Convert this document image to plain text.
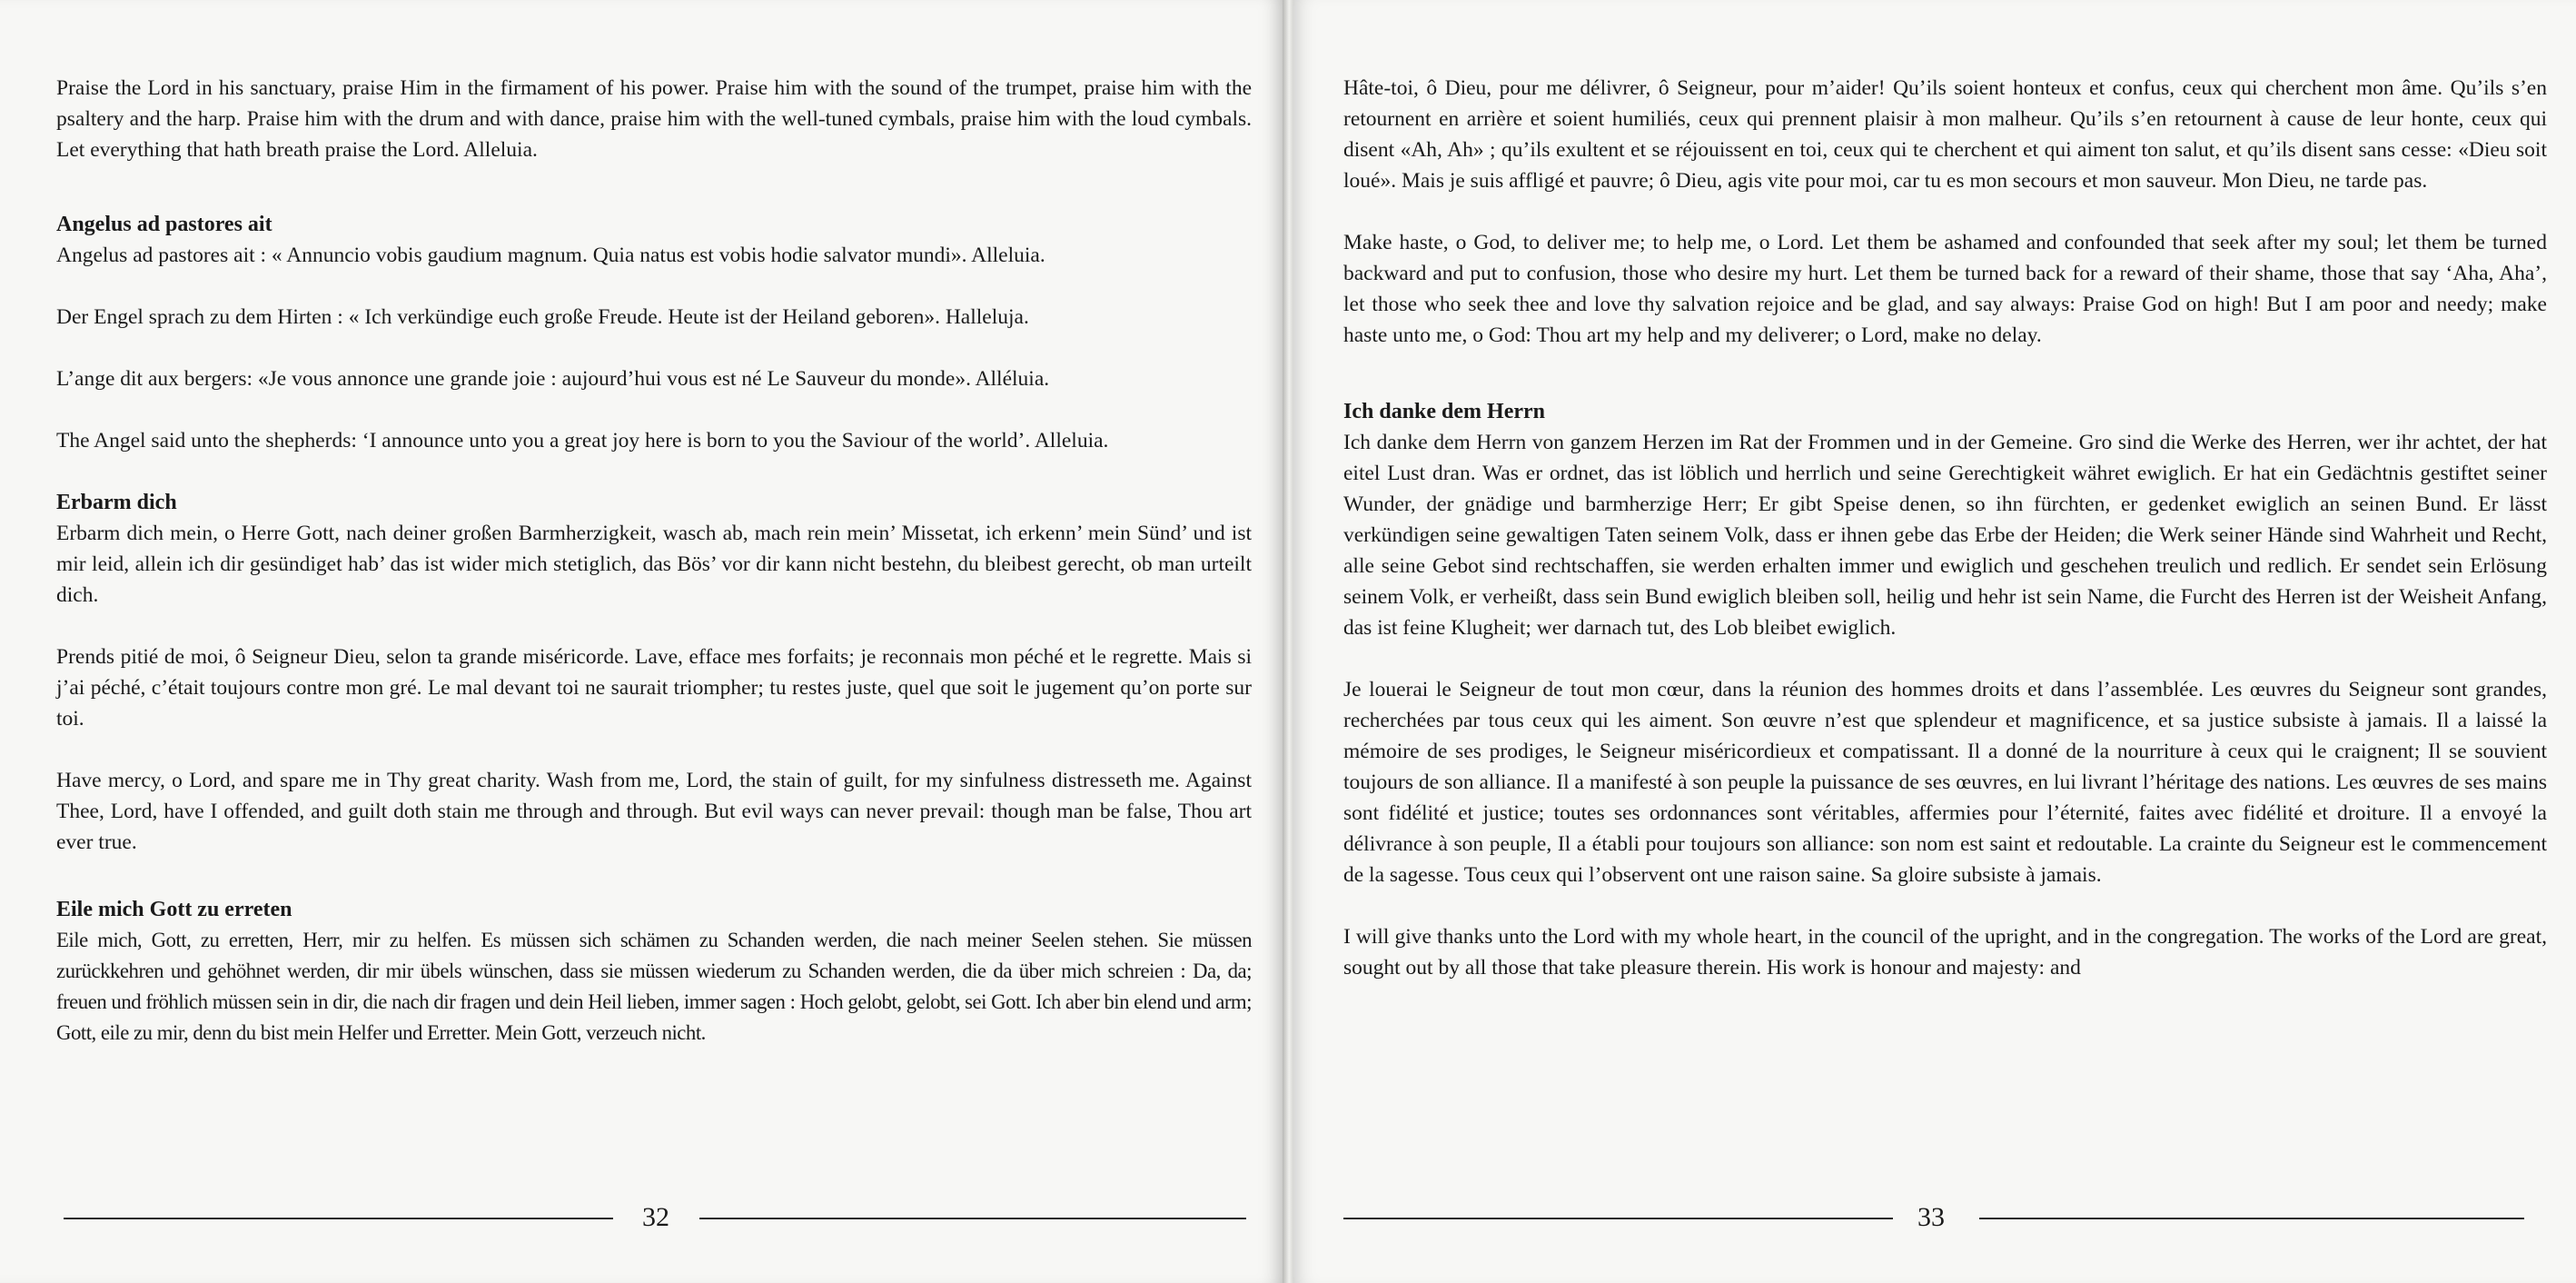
Praise the Lord in his sanctuary, praise Him in the firmament of his power. Praise him with the sound of the trumpet, praise him with the psaltery and the harp. Praise him with the drum and with dance, praise him with the well-tuned cymbals, praise him with the loud cymbals. Let everything that hath breath praise the Lord. Alleluia.

Angelus ad pastores ait

Angelus ad pastores ait : « Annuncio vobis gaudium magnum. Quia natus est vobis hodie salvator mundi». Alleluia.

Der Engel sprach zu dem Hirten : « Ich verkündige euch große Freude. Heute ist der Heiland geboren». Halleluja.

L’ange dit aux bergers: «Je vous annonce une grande joie : aujourd’hui vous est né Le Sauveur du monde». Alléluia.

The Angel said unto the shepherds: ‘I announce unto you a great joy here is born to you the Saviour of the world’. Alleluia.

Erbarm dich

Erbarm dich mein, o Herre Gott, nach deiner großen Barmherzigkeit, wasch ab, mach rein mein’ Missetat, ich erkenn’ mein Sünd’ und ist mir leid, allein ich dir gesündiget hab’ das ist wider mich stetiglich, das Bös’ vor dir kann nicht bestehn, du bleibest gerecht, ob man urteilt dich.

Prends pitié de moi, ô Seigneur Dieu, selon ta grande miséricorde. Lave, efface mes forfaits; je reconnais mon péché et le regrette. Mais si j’ai péché, c’était toujours contre mon gré. Le mal devant toi ne saurait triompher; tu restes juste, quel que soit le jugement qu’on porte sur toi.

Have mercy, o Lord, and spare me in Thy great charity. Wash from me, Lord, the stain of guilt, for my sinfulness distresseth me. Against Thee, Lord, have I offended, and guilt doth stain me through and through. But evil ways can never prevail: though man be false, Thou art ever true.

Eile mich Gott zu erreten

Eile mich, Gott, zu erretten, Herr, mir zu helfen. Es müssen sich schämen zu Schanden werden, die nach meiner Seelen stehen. Sie müssen zurückkehren und gehöhnet werden, dir mir übels wünschen, dass sie müssen wiederum zu Schanden werden, die da über mich schreien : Da, da; freuen und fröhlich müssen sein in dir, die nach dir fragen und dein Heil lieben, immer sagen : Hoch gelobt, gelobt, sei Gott. Ich aber bin elend und arm; Gott, eile zu mir, denn du bist mein Helfer und Erretter. Mein Gott, verzeuch nicht.

32

Hâte-toi, ô Dieu, pour me délivrer, ô Seigneur, pour m’aider! Qu’ils soient honteux et confus, ceux qui cherchent mon âme. Qu’ils s’en retournent en arrière et soient humiliés, ceux qui prennent plaisir à mon malheur. Qu’ils s’en retournent à cause de leur honte, ceux qui disent «Ah, Ah» ; qu’ils exultent et se réjouissent en toi, ceux qui te cherchent et qui aiment ton salut, et qu’ils disent sans cesse: «Dieu soit loué». Mais je suis affligé et pauvre; ô Dieu, agis vite pour moi, car tu es mon secours et mon sauveur. Mon Dieu, ne tarde pas.

Make haste, o God, to deliver me; to help me, o Lord. Let them be ashamed and confounded that seek after my soul; let them be turned backward and put to confusion, those who desire my hurt. Let them be turned back for a reward of their shame, those that say ‘Aha, Aha’, let those who seek thee and love thy salvation rejoice and be glad, and say always: Praise God on high! But I am poor and needy; make haste unto me, o God: Thou art my help and my deliverer; o Lord, make no delay.

Ich danke dem Herrn

Ich danke dem Herrn von ganzem Herzen im Rat der Frommen und in der Gemeine. Gro sind die Werke des Herren, wer ihr achtet, der hat eitel Lust dran. Was er ordnet, das ist löblich und herrlich und seine Gerechtigkeit währet ewiglich. Er hat ein Gedächtnis gestiftet seiner Wunder, der gnädige und barmherzige Herr; Er gibt Speise denen, so ihn fürchten, er gedenket ewiglich an seinen Bund. Er lässt verkündigen seine gewaltigen Taten seinem Volk, dass er ihnen gebe das Erbe der Heiden; die Werk seiner Hände sind Wahrheit und Recht, alle seine Gebot sind rechtschaffen, sie werden erhalten immer und ewiglich und geschehen treulich und redlich. Er sendet sein Erlösung seinem Volk, er verheißt, dass sein Bund ewiglich bleiben soll, heilig und hehr ist sein Name, die Furcht des Herren ist der Weisheit Anfang, das ist feine Klugheit; wer darnach tut, des Lob bleibet ewiglich.

Je louerai le Seigneur de tout mon cœur, dans la réunion des hommes droits et dans l’assemblée. Les œuvres du Seigneur sont grandes, recherchées par tous ceux qui les aiment. Son œuvre n’est que splendeur et magnificence, et sa justice subsiste à jamais. Il a laissé la mémoire de ses prodiges, le Seigneur miséricordieux et compatissant. Il a donné de la nourriture à ceux qui le craignent; Il se souvient toujours de son alliance. Il a manifesté à son peuple la puissance de ses œuvres, en lui livrant l’héritage des nations. Les œuvres de ses mains sont fidélité et justice; toutes ses ordonnances sont véritables, affermies pour l’éternité, faites avec fidélité et droiture. Il a envoyé la délivrance à son peuple, Il a établi pour toujours son alliance: son nom est saint et redoutable. La crainte du Seigneur est le commencement de la sagesse. Tous ceux qui l’observent ont une raison saine. Sa gloire subsiste à jamais.

I will give thanks unto the Lord with my whole heart, in the council of the upright, and in the congregation. The works of the Lord are great, sought out by all those that take pleasure therein. His work is honour and majesty: and

33
